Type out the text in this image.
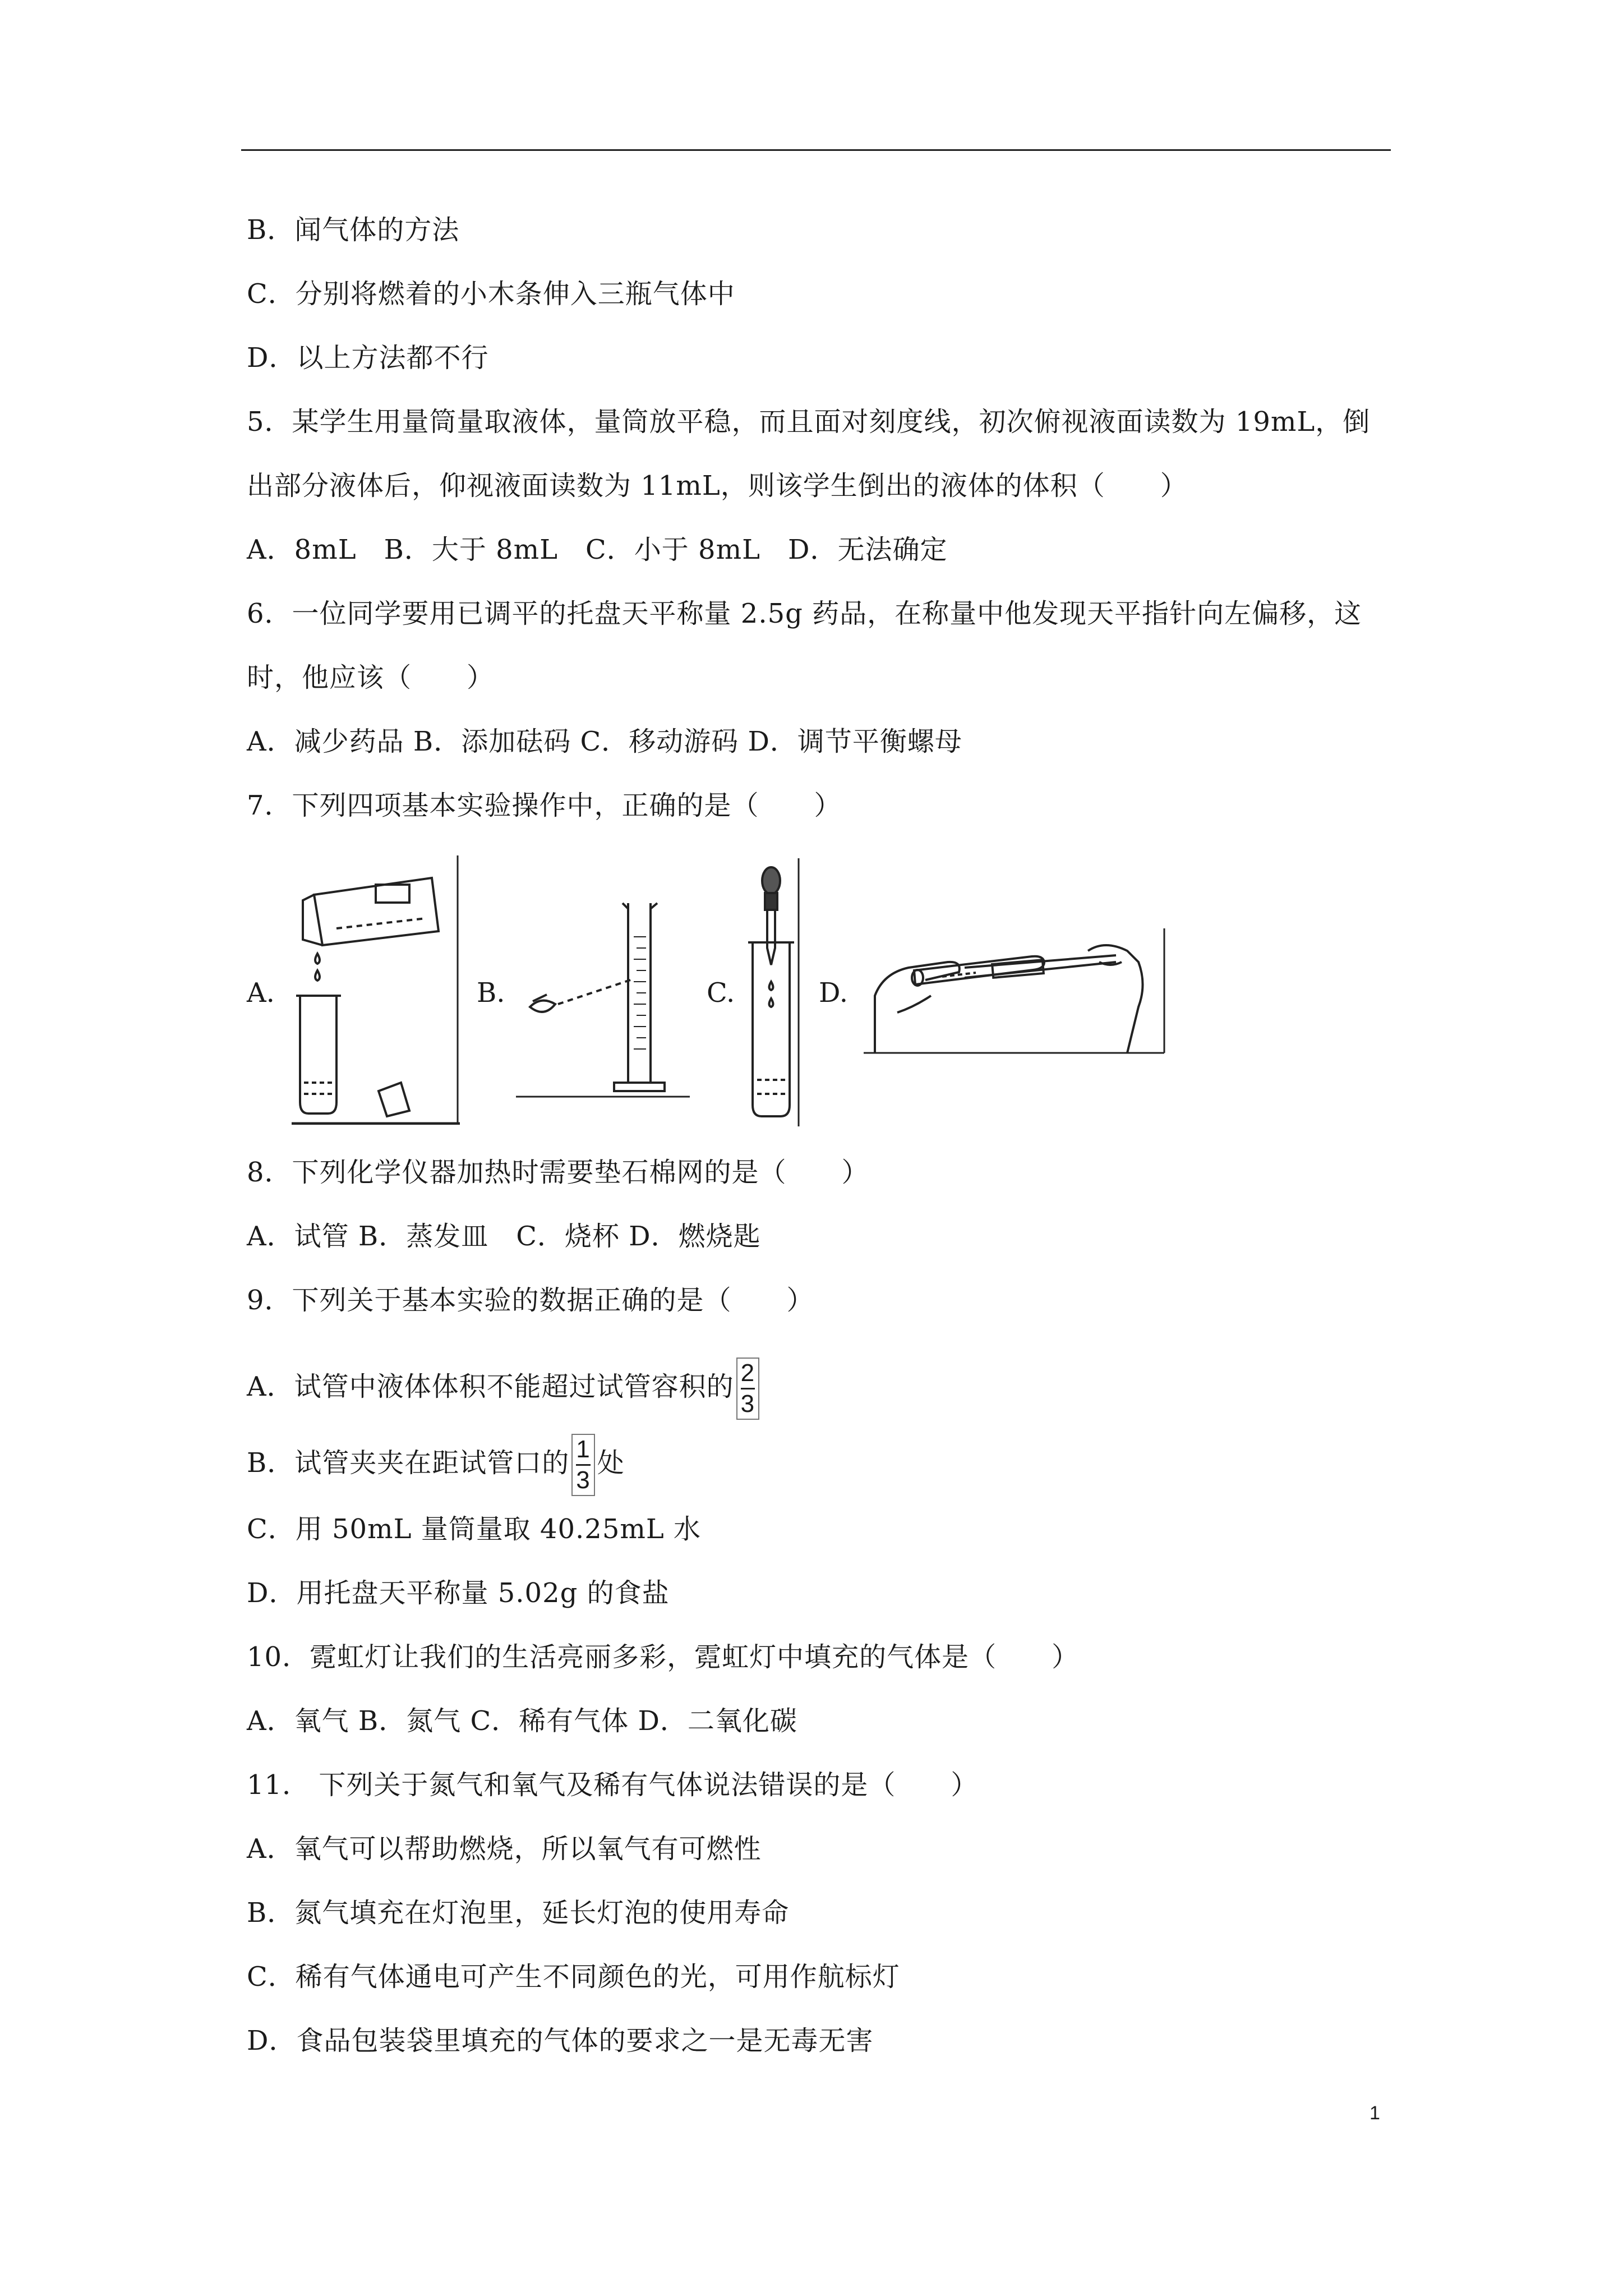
B．闻气体的方法
C．分别将燃着的小木条伸入三瓶气体中
D．以上方法都不行
5．某学生用量筒量取液体，量筒放平稳，而且面对刻度线，初次俯视液面读数为 19mL，倒
出部分液体后，仰视液面读数为 11mL，则该学生倒出的液体的体积（　　）
A．8mL　B．大于 8mL　C．小于 8mL　D．无法确定
6．一位同学要用已调平的托盘天平称量 2.5g 药品，在称量中他发现天平指针向左偏移，这
时，他应该（　　）
A．减少药品 B．添加砝码 C．移动游码 D．调节平衡螺母
7．下列四项基本实验操作中，正确的是（　　）
A.	B.	C.	D.
8．下列化学仪器加热时需要垫石棉网的是（　　）
A．试管 B．蒸发皿　C．烧杯 D．燃烧匙
9．下列关于基本实验的数据正确的是（　　）
A．试管中液体体积不能超过试管容积的 $\frac{2}{3}$
B．试管夹夹在距试管口的 $\frac{1}{3}$ 处
C．用 50mL 量筒量取 40.25mL 水
D．用托盘天平称量 5.02g 的食盐
10．霓虹灯让我们的生活亮丽多彩，霓虹灯中填充的气体是（　　）
A．氧气 B．氮气 C．稀有气体 D．二氧化碳
11． 下列关于氮气和氧气及稀有气体说法错误的是（　　）
A．氧气可以帮助燃烧，所以氧气有可燃性
B．氮气填充在灯泡里，延长灯泡的使用寿命
C．稀有气体通电可产生不同颜色的光，可用作航标灯
D．食品包装袋里填充的气体的要求之一是无毒无害
1
